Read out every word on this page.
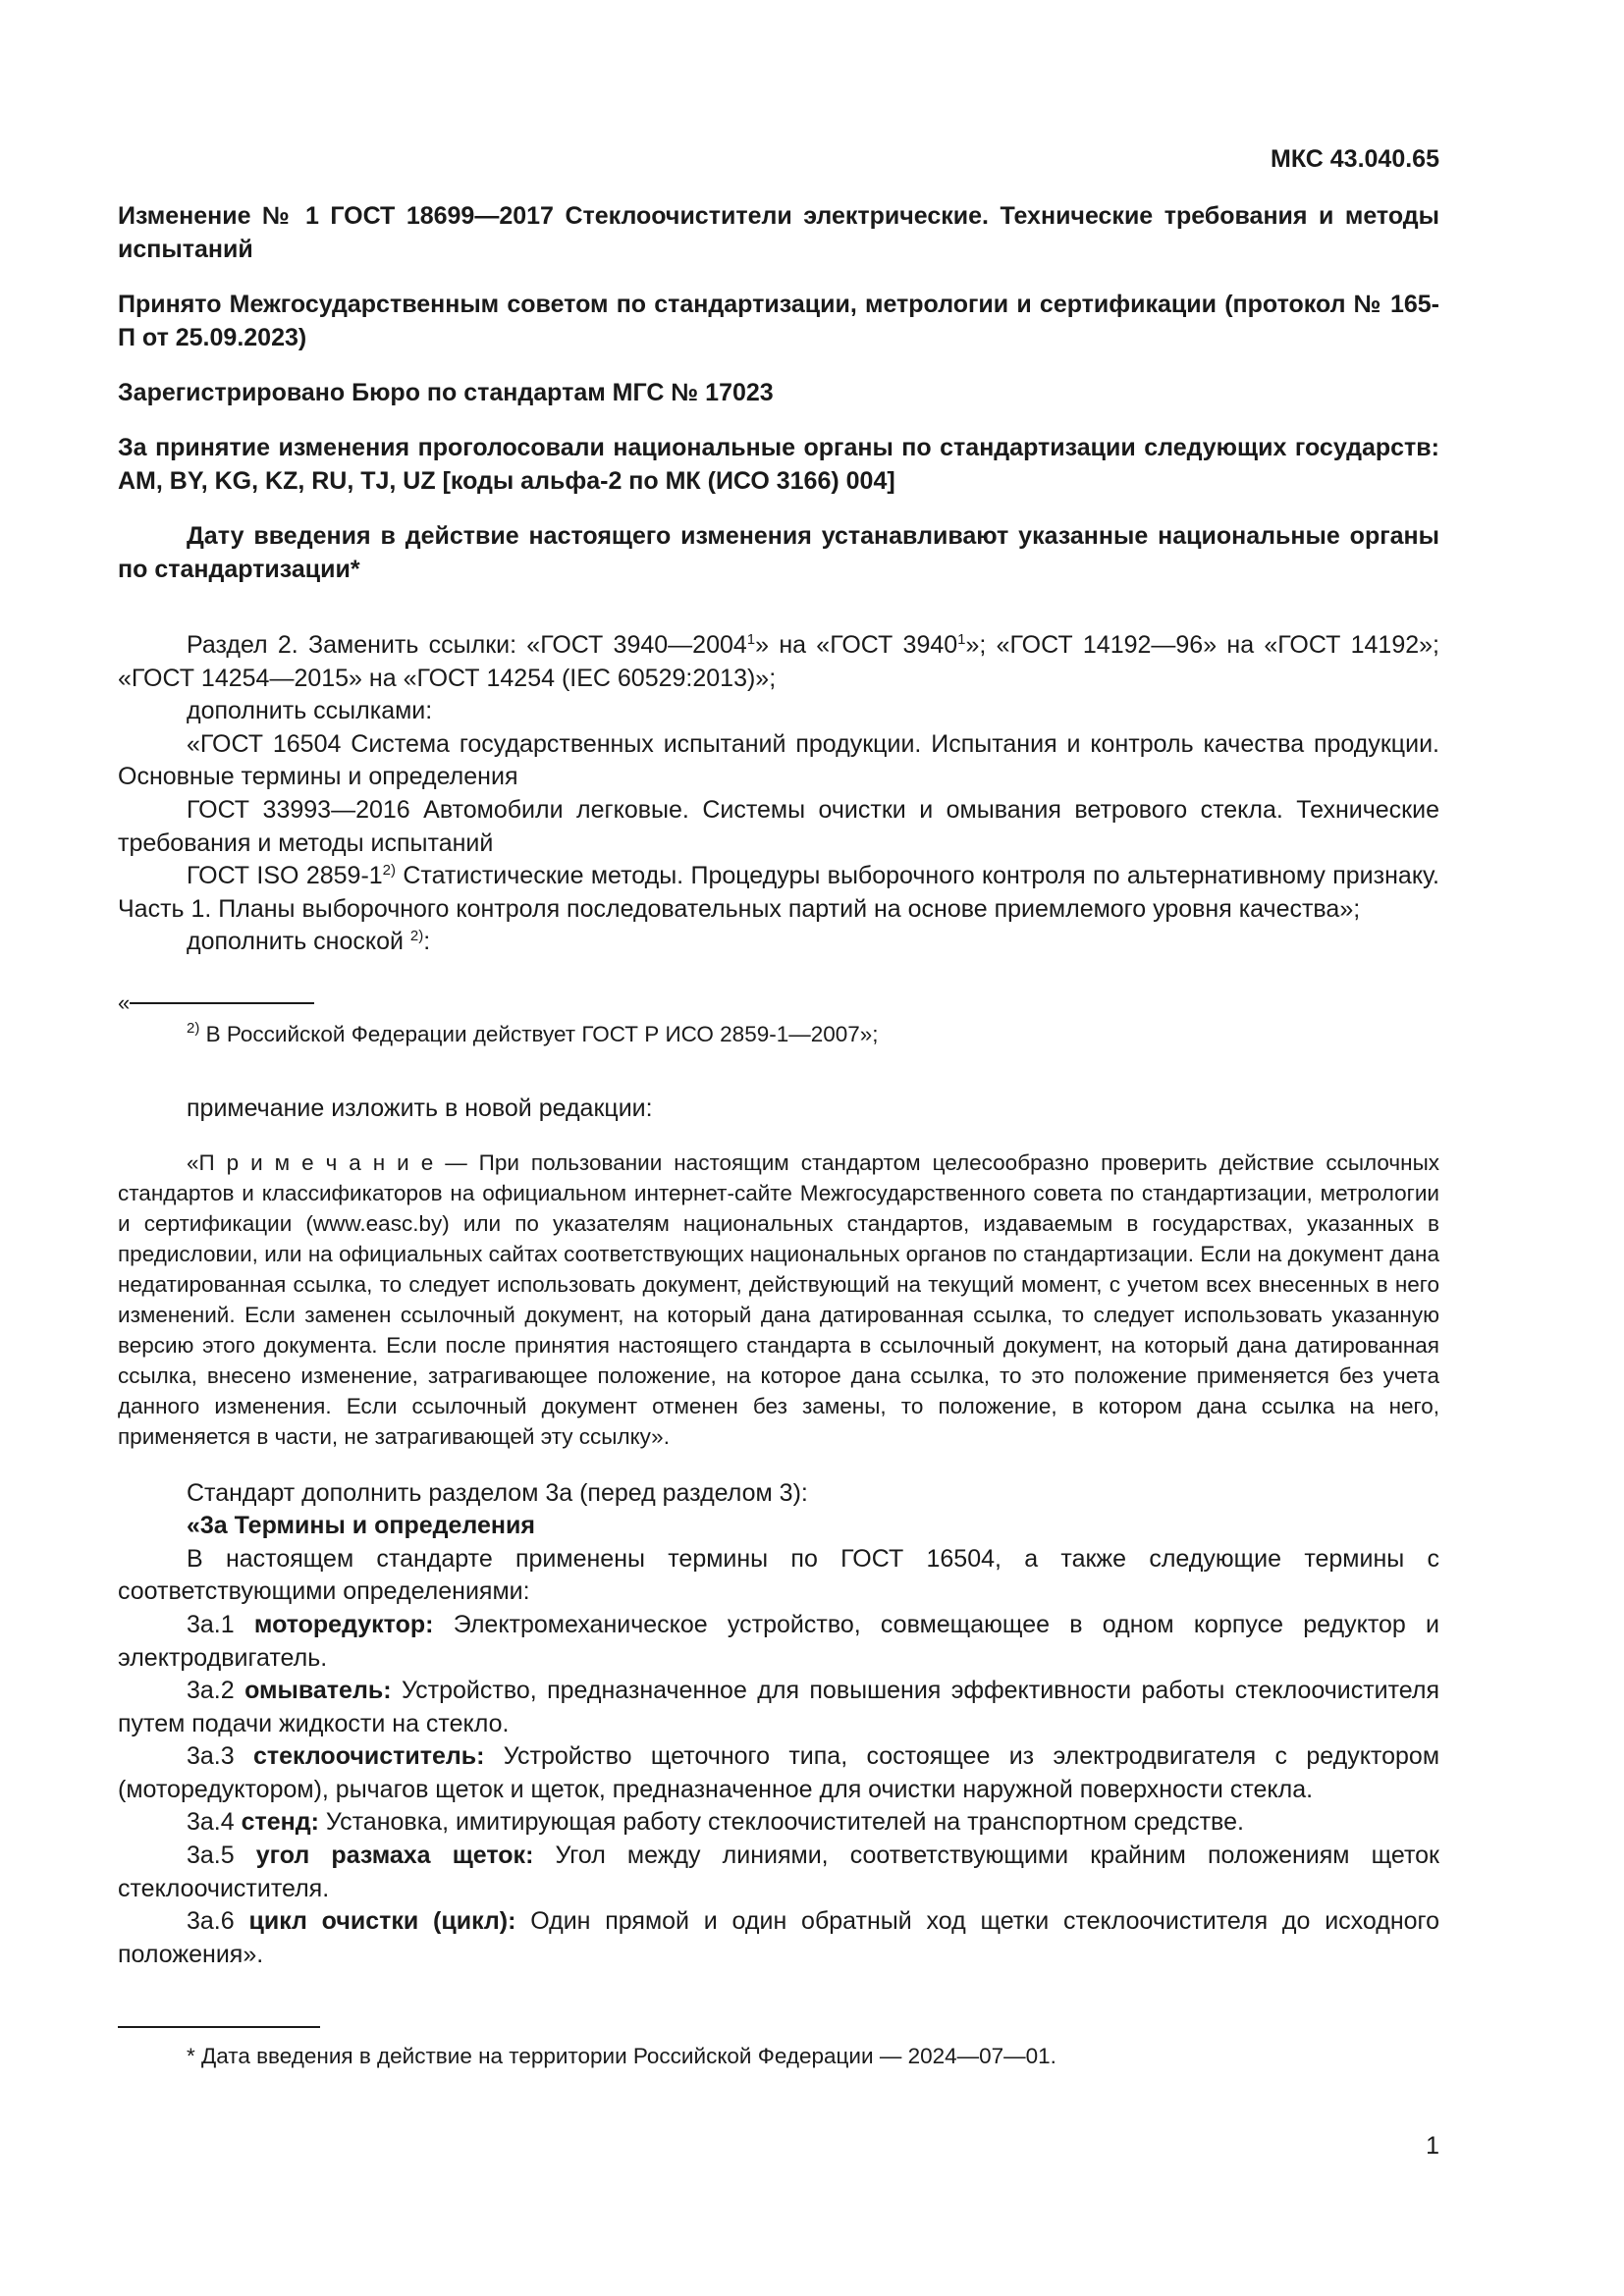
МКС 43.040.65

Изменение № 1 ГОСТ 18699—2017 Стеклоочистители электрические. Технические требования и методы испытаний

Принято Межгосударственным советом по стандартизации, метрологии и сертификации (протокол № 165-П от 25.09.2023)

Зарегистрировано Бюро по стандартам МГС № 17023

За принятие изменения проголосовали национальные органы по стандартизации следующих государств: AM, BY, KG, KZ, RU, TJ, UZ [коды альфа-2 по МК (ИСО 3166) 004]

Дату введения в действие настоящего изменения устанавливают указанные национальные органы по стандартизации*

Раздел 2. Заменить ссылки: «ГОСТ 3940—2004$^1$» на «ГОСТ 3940$^1$»; «ГОСТ 14192—96» на «ГОСТ 14192»; «ГОСТ 14254—2015» на «ГОСТ 14254 (IEC 60529:2013)»;

дополнить ссылками:

«ГОСТ 16504 Система государственных испытаний продукции. Испытания и контроль качества продукции. Основные термины и определения

ГОСТ 33993—2016 Автомобили легковые. Системы очистки и омывания ветрового стекла. Технические требования и методы испытаний

ГОСТ ISO 2859-1$^{2)}$ Статистические методы. Процедуры выборочного контроля по альтернативному признаку. Часть 1. Планы выборочного контроля последовательных партий на основе приемлемого уровня качества»;

дополнить сноской $^{2)}$:

«

$^{2)}$ В Российской Федерации действует ГОСТ Р ИСО 2859-1—2007»;

примечание изложить в новой редакции:

«П р и м е ч а н и е — При пользовании настоящим стандартом целесообразно проверить действие ссылочных стандартов и классификаторов на официальном интернет-сайте Межгосударственного совета по стандартизации, метрологии и сертификации (www.easc.by) или по указателям национальных стандартов, издаваемым в государствах, указанных в предисловии, или на официальных сайтах соответствующих национальных органов по стандартизации. Если на документ дана недатированная ссылка, то следует использовать документ, действующий на текущий момент, с учетом всех внесенных в него изменений. Если заменен ссылочный документ, на который дана датированная ссылка, то следует использовать указанную версию этого документа. Если после принятия настоящего стандарта в ссылочный документ, на который дана датированная ссылка, внесено изменение, затрагивающее положение, на которое дана ссылка, то это положение применяется без учета данного изменения. Если ссылочный документ отменен без замены, то положение, в котором дана ссылка на него, применяется в части, не затрагивающей эту ссылку».

Стандарт дополнить разделом 3а (перед разделом 3):

«3а Термины и определения

В настоящем стандарте применены термины по ГОСТ 16504, а также следующие термины с соответствующими определениями:

3а.1 моторедуктор: Электромеханическое устройство, совмещающее в одном корпусе редуктор и электродвигатель.

3а.2 омыватель: Устройство, предназначенное для повышения эффективности работы стеклоочистителя путем подачи жидкости на стекло.

3а.3 стеклоочиститель: Устройство щеточного типа, состоящее из электродвигателя с редуктором (моторедуктором), рычагов щеток и щеток, предназначенное для очистки наружной поверхности стекла.

3а.4 стенд: Установка, имитирующая работу стеклоочистителей на транспортном средстве.

3а.5 угол размаха щеток: Угол между линиями, соответствующими крайним положениям щеток стеклоочистителя.

3а.6 цикл очистки (цикл): Один прямой и один обратный ход щетки стеклоочистителя до исходного положения».

* Дата введения в действие на территории Российской Федерации — 2024—07—01.

1
